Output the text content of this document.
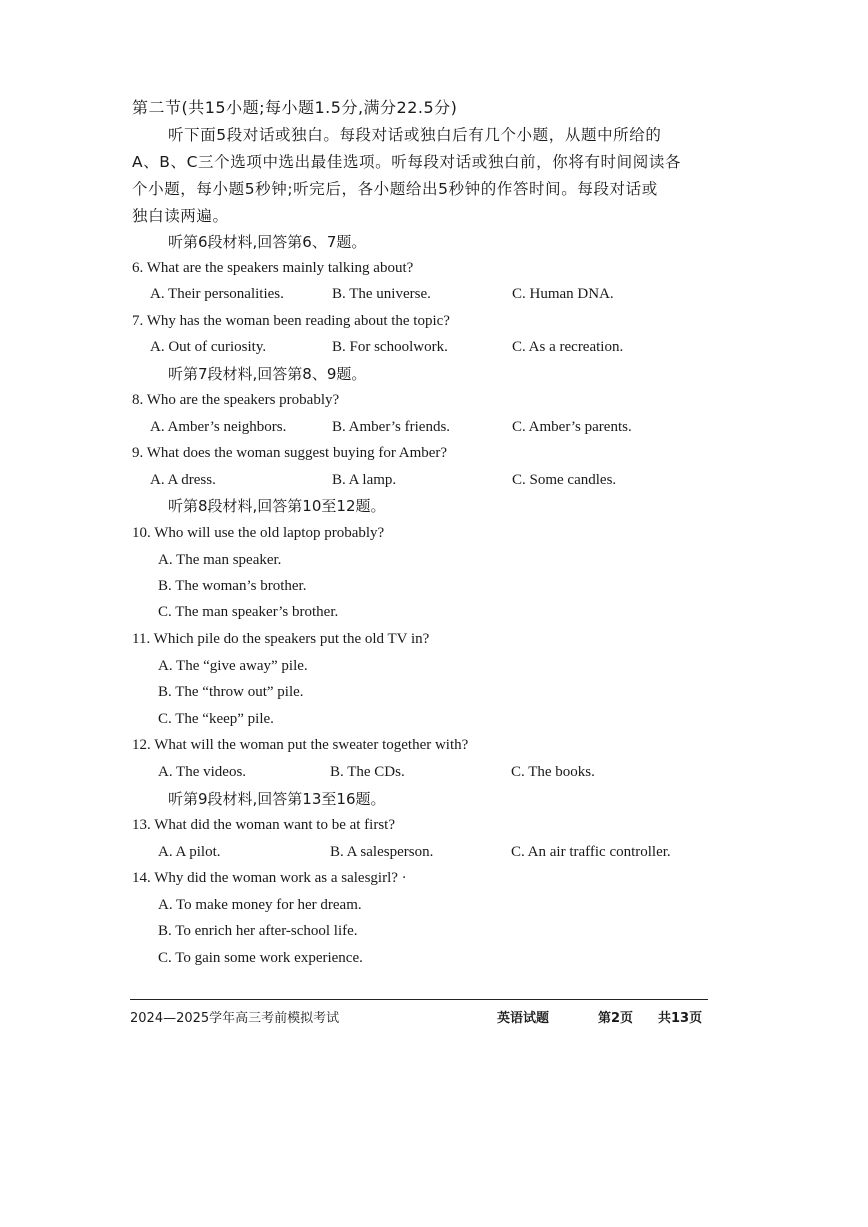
第二节(共15小题;每小题1.5分,满分22.5分)
听下面5段对话或独白。每段对话或独白后有几个小题，从题中所给的
A、B、C三个选项中选出最佳选项。听每段对话或独白前，你将有时间阅读各
个小题，每小题5秒钟;听完后，各小题给出5秒钟的作答时间。每段对话或
独白读两遍。
听第6段材料,回答第6、7题。
6. What are the speakers mainly talking about?
A. Their personalities.	B. The universe.	C. Human DNA.
7. Why has the woman been reading about the topic?
A. Out of curiosity.	B. For schoolwork.	C. As a recreation.
听第7段材料,回答第8、9题。
8. Who are the speakers probably?
A. Amber’s neighbors.	B. Amber’s friends.	C. Amber’s parents.
9. What does the woman suggest buying for Amber?
A. A dress.	B. A lamp.	C. Some candles.
听第8段材料,回答第10至12题。
10. Who will use the old laptop probably?
A. The man speaker.
B. The woman’s brother.
C. The man speaker’s brother.
11. Which pile do the speakers put the old TV in?
A. The “give away” pile.
B. The “throw out” pile.
C. The “keep” pile.
12. What will the woman put the sweater together with?
A. The videos.	B. The CDs.	C. The books.
听第9段材料,回答第13至16题。
13. What did the woman want to be at first?
A. A pilot.	B. A salesperson.	C. An air traffic controller.
14. Why did the woman work as a salesgirl? ·
A. To make money for her dream.
B. To enrich her after-school life.
C. To gain some work experience.
2024—2025学年高三考前模拟考试	英语试题	第2页 共13页
